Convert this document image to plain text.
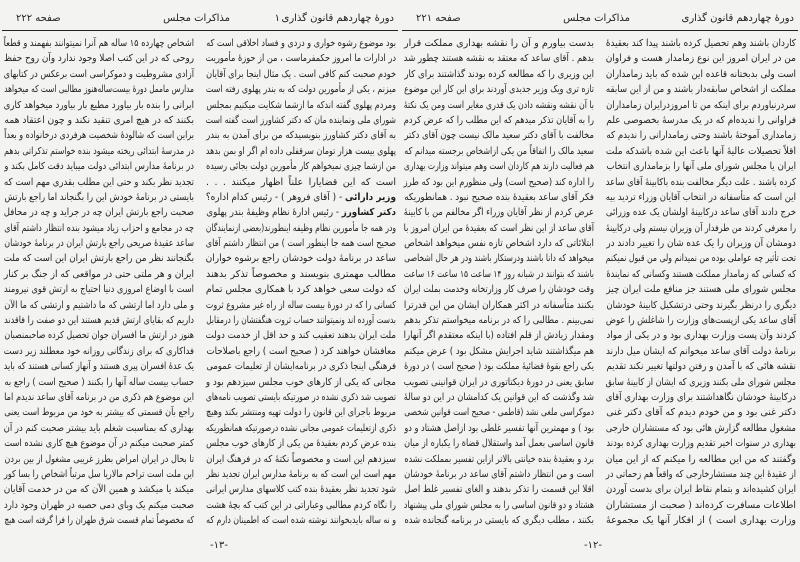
دورهٔ چهاردهم قانون گذاری
مذاکرات مجلس
صفحه ۲۲۱
کاردان باشند وهم تحصیل کرده باشند پیدا کند بعقیدهٔ
من در ایران امروز این نوع زمامدار هست و فراوان
است ولی بدبختانه قاعده این شده که باید زمامداران
مملکت از اشخاص سابقه‌دار باشند و من از این سابقه
سردرنیاوردم برای اینکه من تا امروزدرایران زمامداران
فراوانی را ندیده‌ام که در یک مدرسهٔ بخصوصی علم
زمامداری آموختهٔ باشند وحتی زمامدارانی را ندیدم که
اقلاً تحصیلات عالیهٔ آنها باعث این شده باشدکه ملت
ایران یا مجلس شورای ملی آنها را بزمامداری انتخاب
کرده باشند . علت دیگر مخالفت بنده باکابینهٔ آقای ساعد
این است که متأسفانه در انتخاب آقایان وزراء تردید بیه
خرج دادند آقای ساعد درکابینهٔ اولشان یک عده وزرائی
را معرفی کردند من طرفدار آن وزیران نیستم ولی درکابینهٔ
دومشان آن وزیران را یک عده شان را تغییر دادند در
تحت تأثیر چه عواملی بوده من نمیدانم ولی من قبول نمیکنم
که کسانی که زمامدار مملکت هستند وکسانی که نمایندهٔ
مجلس شورای ملی هستند جز منافع ملت ایران چیز
دیگری را درنظر بگیرند وحتی درتشکیل کابینهٔ خودشان
آقای ساعد یکی ازپست‌های وزارت را شاغلش را عوض
کردند وآن پست وزارت بهداری بود و در یکی از مواد
برنامهٔ دولت آقای ساعد میخوانم که ایشان میل دارند
نقشه هائی که با آمدن و رفتن دولتها تغییر نکند تقدیم
مجلس شورای ملی بکنند وزیری که ایشان از کابینهٔ سابق
درکابینهٔ خودشان نگاهداشتند برای وزارت بهداری آقای
دکتر غنی بود و من خودم دیدم که آقای دکتر غنی
مشغول مطالعه گزارش هائی بود که مستشاران خارجی
بهداری در سنوات اخیر تقدیم وزارت بهداری کرده بودند
وگفتند که من این مطالعه را میکنم که از این میان
از عقیدهٔ این چند مستشارخارجی که واقعاً هم زحماتی در
ایران کشیده‌اند و بتمام نقاط ایران برای بدست آوردن
اطلاعات مسافرت کرده‌اند ( صحبت از مستشاران
وزارت بهداری است ) از افکار آنها یک مجموعهٔ
بدست بیاورم و آن را نقشه بهداری مملکت قرار
بدهم . آقای ساعد که معتقد به نقشه هستند چطور شد
این وزیری را که مطالعه کرده بودند گذاشتند برای کار
تازه تری ویک وزیر جدیدی آوردند برای این کار این موضوع
با آن نقشه ونقشه دادن یک قدری مغایر است ومن یک نکتهٔ
را به آقایان تذکر میدهم که این مطلب را که عرض کردم
مخالفت با آقای دکتر سعید مالک نیست چون آقای دکتر
سعید مالک را اتفاقاً من یکی ازاشخاص برجسته میدانم که
هم فعالیت دارند هم کاردان است وهم میتواند وزارت بهداری
را اداره کند (صحیح است) ولی منظورم این بود که طرز
فکر آقای ساعد بعقیدهٔ بنده صحیح نبود . همانطوریکه
عرض کردم از نظر آقایان وزراء اگر مخالفم من با کابینهٔ
آقای ساعد از این نظر است که بعقیدهٔ من ایران امروز با
ابتلائاتی که دارد اشخاص تازه نفس میخواهد اشخاص
میخواهد که دانا باشند ودرستکار باشند ودر هر حال اشخاصی
باشند که بتوانند در شبانه روز ۱۴ ساعت ۱۵ ساعت ۱۶ ساعت
وقت خودشان را صرف کار وزارتخانه وخدمت بملت ایران
بکنند متأسفانه در اکثر همکاران ایشان من این قدرترا
نمی‌بینم . مطالبی را که در برنامه میخواستم تذکر بدهم
ومقدار زیادش از قلم افتاده (با اینکه معتقدم اگر آنهارا
هم میگذاشتند شاید اجرایش مشکل بود ) عرض میکنم
یکی راجع بقوهٔ قضائیهٔ مملکت بود ( صحیح است ) در دورهٔ
سابق یعنی در دورهٔ دیکتاتوری در ایران قوانینی تصویب
شد وگذشت که این قوانین یک کدامشان در این دو سالهٔ
دموکراسی ملغی نشد (قاطمی - صحیح است قوانین شخصی
بود ) و مهمترین آنها تفسیر غلطی بود ازاصل هشتاد و دو
قانون اساسی بعمل آمد واستقلال قضاة را یکباره از میان
برد و بعقیدهٔ بنده خیانتی بالاتر ازاین تفسیر بمملکت نشده
است و من انتظار داشتم آقای ساعد در برنامهٔ خودشان
اقلا این قسمت را تذکر بدهند و الغای تفسیر غلط اصل
هشتاد و دو قانون اساسی را به مجلس شورای ملی پیشنهاد
بکنند ، مطلب دیگری که بایستی در برنامه گنجانده شده
-۱۲-
دورهٔ چهاردهم قانون گذاری
۱
مذاکرات مجلس
صفحه ۲۲۲
بود موضوع رشوه خواری و دزدی و فساد اخلاقی است که
در ادارات ما امروز حکمفرماست ، من از حوزهٔ مأموریت
خودم صحبت کنم کافی است . یک مثال اینجا برای آقایان
میزنم ، یکی از مأمورین دولت که به بندر پهلوی رفته است
ومردم پهلوی گفته اندکه ما ازشما شکایت میکنیم بمجلس
شورای ملی ونماینده مان که دکتر کشاورز است گفته است
به آقای دکتر کشاورز بنویسیدکه من برای آمدن به بندر
پهلوی بیست هزار تومان سرقفلی داده ام اگر او بمن بدهد
من ازشما چیزی نمیخواهم کار مأمورین دولت بجائی رسیده
است که این قضایارا علناً اظهار میکنند . . .
وزیر دارائی - ( آقای فروهر ) - رئیس کدام اداره؟
دکتر کشاورز - رئیس ادارهٔ نظام وظیفهٔ بندر پهلوی
ودر همه جا مأمورین نظام وظیفه اینطورند(بعضی ازنمایندگان
صحیح است همه جا اینطور است ) من انتظار داشتم آقای
ساعد در برنامهٔ دولت خودشان راجع برشوه خواران
مطالب مهمتری بنویسند و مخصوصاً تذکر بدهند
که دولت سعی خواهد کرد با همکاری مجلس تمام
کسانی را که در دورهٔ بیست ساله از راه غیر مشروع ثروت
بدست آورده اند ونمیتوانند حساب ثروت هنگفتشان را درمقابل
ملت ایران بدهند تعقیب کند و حد اقل از خدمت دولت
معافشان خواهند کرد ( صحیح است ) راجع باصلاحات
فرهنگی اینجا ذکری در برنامه‌ایشان از تعلیمات عمومی
مجانی که یکی از کارهای خوب مجلس سیزدهم بود و
تصویب شد ذکری نشده در صورتیکه بایستی تصویب نامه‌های
مربوط باجرای این قانون را دولت تهیه ومنتشر بکند وهیچ
ذکری ازتعلیمات عمومی مجانی نشده درصورتیکه همانطوریکه
بنده عرض کردم بعقیدهٔ من یکی از کارهای خوب مجلس
سیزدهم این است و مخصوصاً نکتهٔ که در فرهنگ ایران
مهم است این است که به برنامهٔ مدارس ایران تجدید نظر
شود تجدید نظر بعقیدهٔ بنده کتب کلاسهای مدارس ایرانی
را نگاه کردم مطالبی وعباراتی در این کتب که بچهٔ هشت
و نه ساله بایدبخوانند نوشته شده است که اطمینان دارم که
اشخاص چهارده ۱۵ ساله هم آنرا نمیتوانند بفهمند و قطعاً
روحی که در این کتب اصلا وجود ندارد وآن روح حفظ
آزادی مشروطیت و دموکراسی است برعکس در کتابهای
مدارس ماممل دورهٔ بیست‌ساله‌هنوز مطالبی است که میخواهد
ایرانی را بنده بار بیاورد مطیع بار بیاورد میخواهد کاری
بکنند که در هیچ امری تنقید نکند و چون اعتقاد همه
براین است که شالودهٔ شخصیت هرفردی درخانواده و بعداً
در مدرسهٔ ابتدائی ریخته میشود بنده خواستم تذکراتی بدهم
در برنامهٔ مدارس ابتدائی دولت میباید دقت کامل بکند و
تجدید نظر بکند و حتی این مطلب بقدری مهم است که
بایستی در برنامهٔ خودش این را بگنجاند اما راجع بارتش
صحبت راجع بارتش ایران چه در جراید و چه در محافل
چه در مجامع و احزاب زیاد میشود بنده انتظار داشتم آقای
ساعد عقیدهٔ صریحی راجع بارتش ایران در برنامهٔ خودشان
بگنجانند نظر من راجع بارتش ایران این است که ملت
ایران و هر ملتی حتی در مواقعی که از جنگ بر کنار
است با اوضاع امروزی دنیا احتیاج به ارتش قوی نیرومند
و ملی دارد اما ارتشی که ما داشتیم و ارتشی که ما الآن
داریم که بقایای ارتش قدیم هستند این دو صفت را فاقدند
هنوز در ارتش ما افسران جوان تحصیل کرده صاحبمنصبان
فداکاری که برای زندگانی روزانه خود معطلند زیر دست
یک عدهٔ افسران پیری هستند و آنهاز کسانی هستند که باید
حساب بیست ساله آنها را بکنند ( صحیح است ) راجع به
این موضوع هم ذکری من در برنامه آقای ساعد ندیدم اما
راجع بآن قسمتی که بیشتر به خود من مربوط است یعنی
بهداری که بمناسبت شغلم باید بیشتر صحبت کنم در آن
کمتر صحبت میکنم در آن موضوع هیچ کاری نشده است
تا بحال در ایران امراض بطرز غریبی مشغول از بین بردن
این ملت است تراخم مالاریا سل مرتباً اشخاص را بسا کور
میکند یا میکشد و همین الآن که من در خدمت آقایان
صحبت میکنم یک وبای دمی حصبه در طهران وجود دارد
که مخصوصاً تمام قسمت شرق طهران را فرا گرفته است هیچ
-۱۳-
